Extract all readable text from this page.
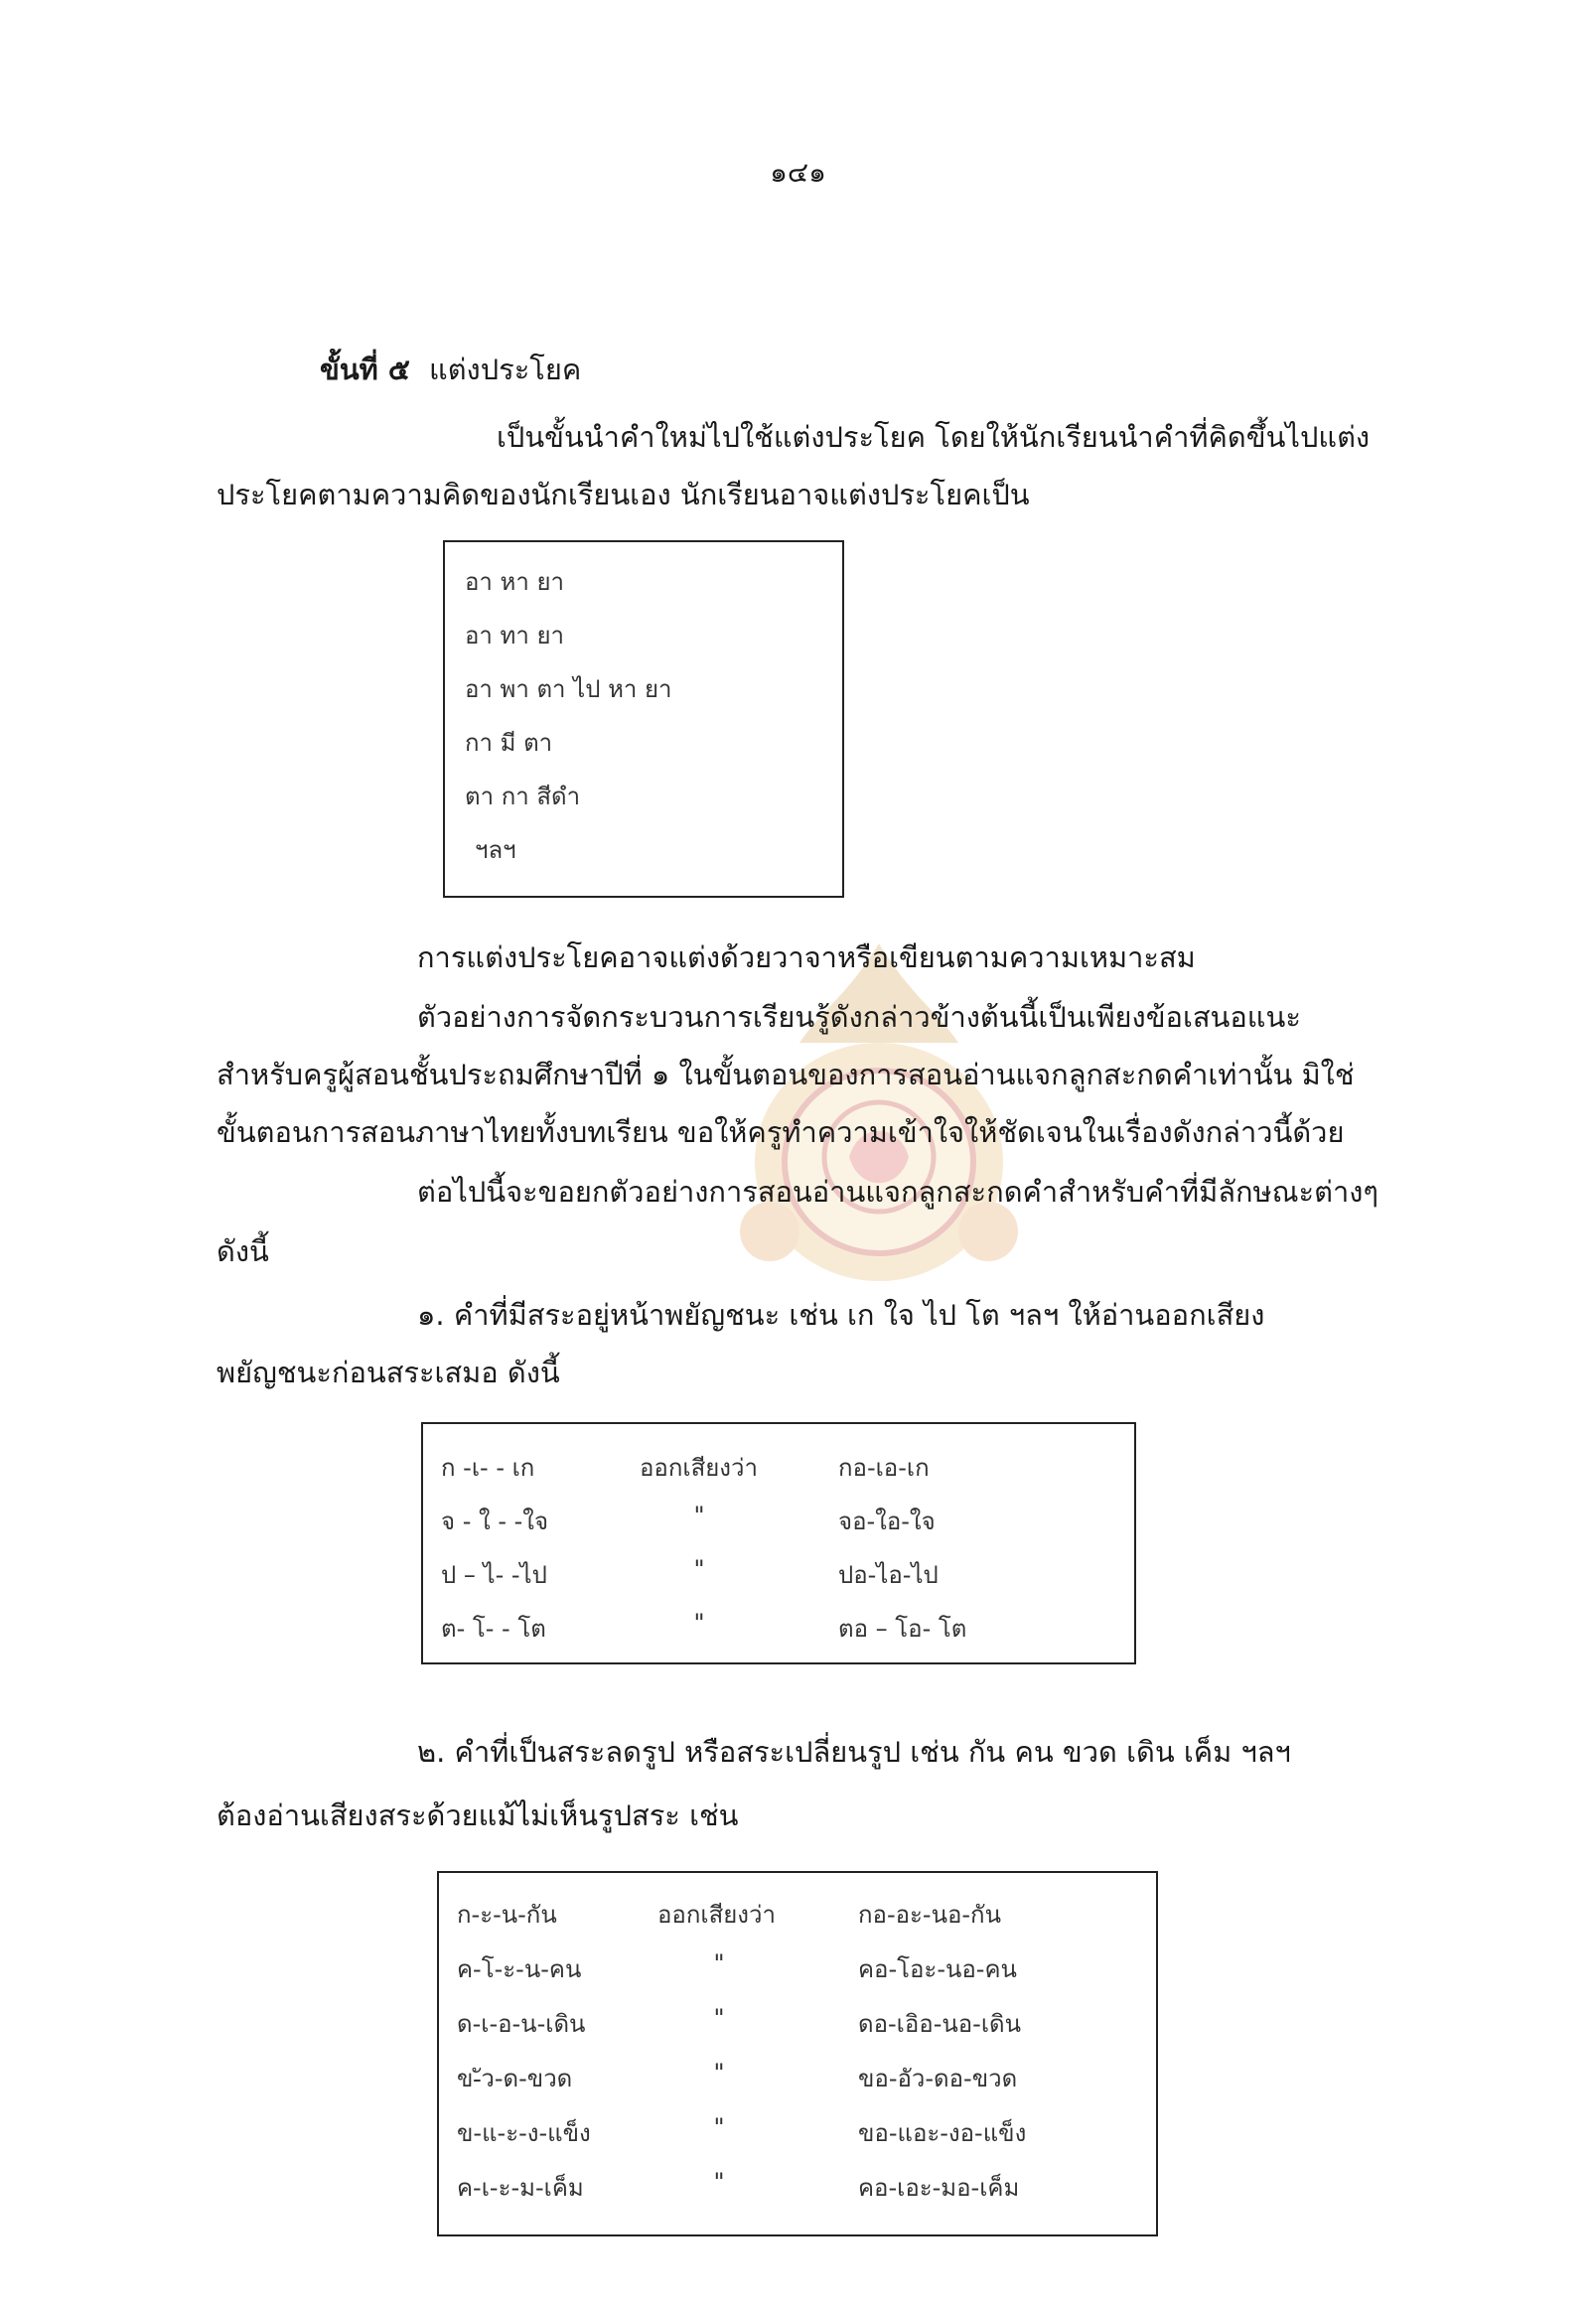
๑๔๑
ขั้นที่ ๕ แต่งประโยค
เป็นขั้นนำคำใหม่ไปใช้แต่งประโยค โดยให้นักเรียนนำคำที่คิดขึ้นไปแต่ง
ประโยคตามความคิดของนักเรียนเอง นักเรียนอาจแต่งประโยคเป็น
อา หา ยา
อา ทา ยา
อา พา ตา ไป หา ยา
กา มี ตา
ตา กา สีดำ
ฯลฯ
การแต่งประโยคอาจแต่งด้วยวาจาหรือเขียนตามความเหมาะสม
ตัวอย่างการจัดกระบวนการเรียนรู้ดังกล่าวข้างต้นนี้เป็นเพียงข้อเสนอแนะ
สำหรับครูผู้สอนชั้นประถมศึกษาปีที่ ๑ ในขั้นตอนของการสอนอ่านแจกลูกสะกดคำเท่านั้น มิใช่
ขั้นตอนการสอนภาษาไทยทั้งบทเรียน ขอให้ครูทำความเข้าใจให้ชัดเจนในเรื่องดังกล่าวนี้ด้วย
ต่อไปนี้จะขอยกตัวอย่างการสอนอ่านแจกลูกสะกดคำสำหรับคำที่มีลักษณะต่างๆ
ดังนี้
๑. คำที่มีสระอยู่หน้าพยัญชนะ เช่น เก ใจ ไป โต ฯลฯ ให้อ่านออกเสียง
พยัญชนะก่อนสระเสมอ ดังนี้
ก -เ- - เก	ออกเสียงว่า	กอ-เอ-เก
จ - ใ - -ใจ	"	จอ-ใอ-ใจ
ป – ไ- -ไป	"	ปอ-ไอ-ไป
ต- โ- - โต	"	ตอ – โอ- โต
๒. คำที่เป็นสระลดรูป หรือสระเปลี่ยนรูป เช่น กัน คน ขวด เดิน เค็ม ฯลฯ
ต้องอ่านเสียงสระด้วยแม้ไม่เห็นรูปสระ เช่น
ก-ะ-น-กัน	ออกเสียงว่า	กอ-อะ-นอ-กัน
ค-โ-ะ-น-คน	"	คอ-โอะ-นอ-คน
ด-เ-อ-น-เดิน	"	ดอ-เอิอ-นอ-เดิน
ข-ัว-ด-ขวด	"	ขอ-อัว-ดอ-ขวด
ข-แ-ะ-ง-แข็ง	"	ขอ-แอะ-งอ-แข็ง
ค-เ-ะ-ม-เค็ม	"	คอ-เอะ-มอ-เค็ม
